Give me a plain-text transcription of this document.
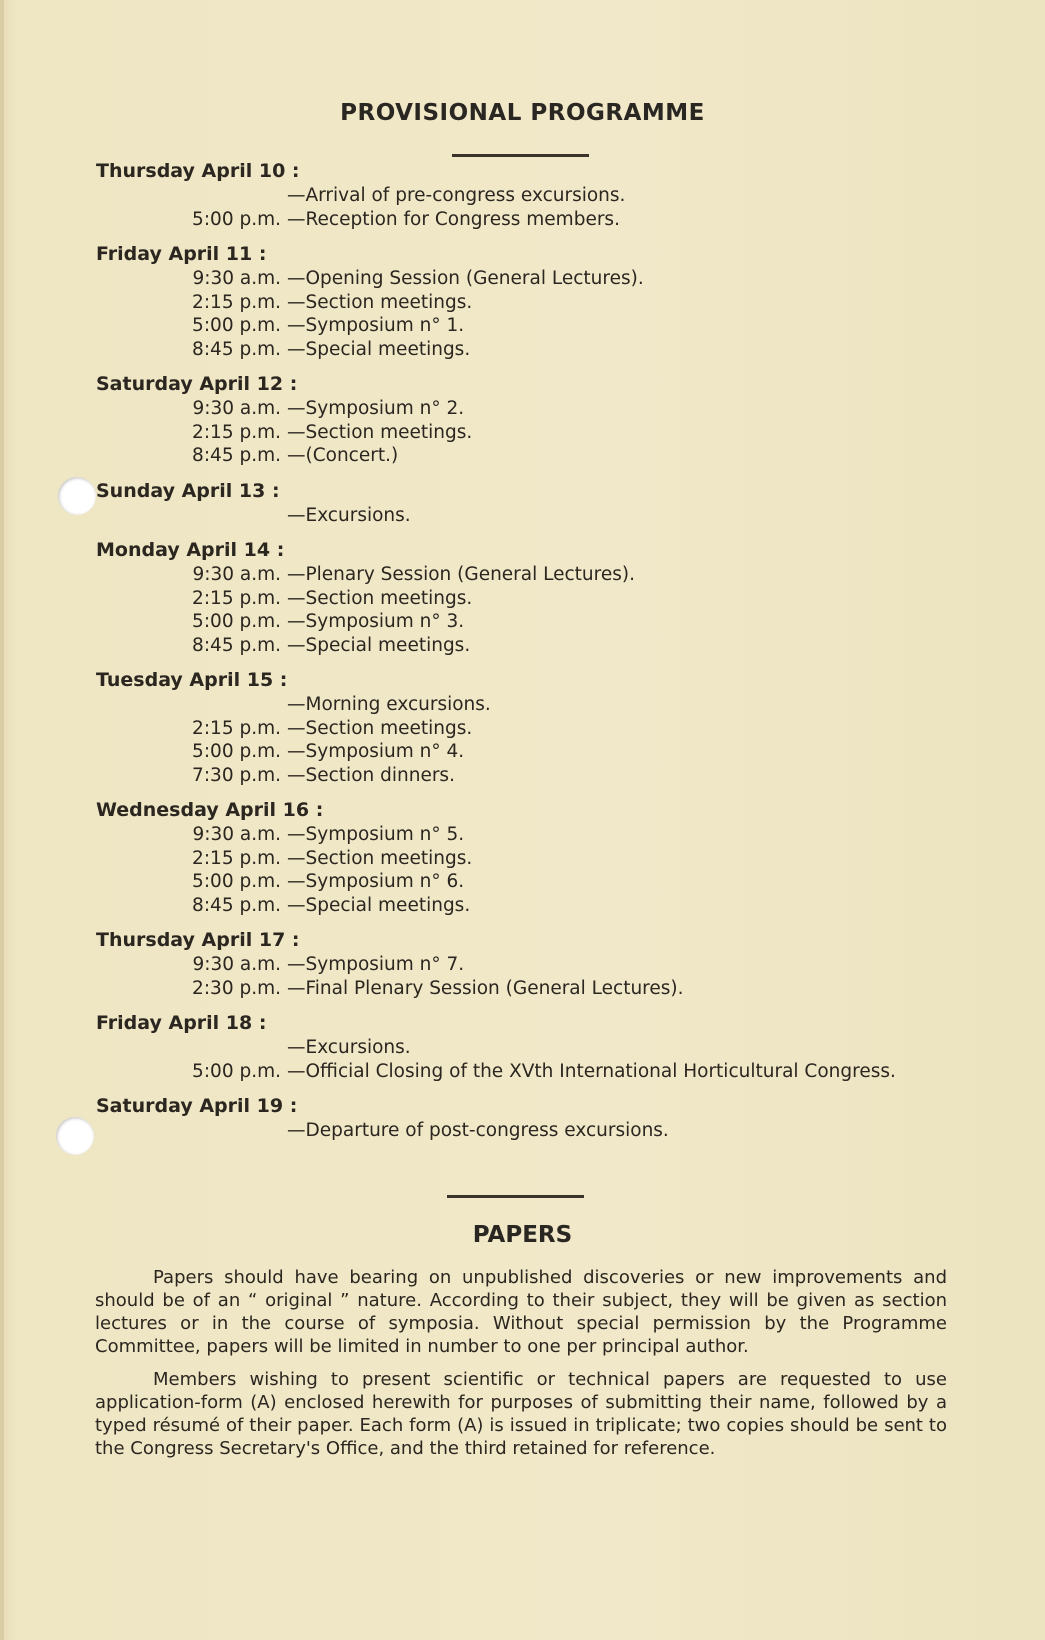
PROVISIONAL PROGRAMME
Thursday April 10 :
—Arrival of pre-congress excursions.
5:00 p.m. —Reception for Congress members.
Friday April 11 :
9:30 a.m. —Opening Session (General Lectures).
2:15 p.m. —Section meetings.
5:00 p.m. —Symposium n° 1.
8:45 p.m. —Special meetings.
Saturday April 12 :
9:30 a.m. —Symposium n° 2.
2:15 p.m. —Section meetings.
8:45 p.m. —(Concert.)
Sunday April 13 :
—Excursions.
Monday April 14 :
9:30 a.m. —Plenary Session (General Lectures).
2:15 p.m. —Section meetings.
5:00 p.m. —Symposium n° 3.
8:45 p.m. —Special meetings.
Tuesday April 15 :
—Morning excursions.
2:15 p.m. —Section meetings.
5:00 p.m. —Symposium n° 4.
7:30 p.m. —Section dinners.
Wednesday April 16 :
9:30 a.m. —Symposium n° 5.
2:15 p.m. —Section meetings.
5:00 p.m. —Symposium n° 6.
8:45 p.m. —Special meetings.
Thursday April 17 :
9:30 a.m. —Symposium n° 7.
2:30 p.m. —Final Plenary Session (General Lectures).
Friday April 18 :
—Excursions.
5:00 p.m. —Official Closing of the XVth International Horticultural Congress.
Saturday April 19 :
—Departure of post-congress excursions.
PAPERS

Papers should have bearing on unpublished discoveries or new improvements and should be of an “ original ” nature. According to their subject, they will be given as section lectures or in the course of symposia. Without special permission by the Programme Committee, papers will be limited in number to one per principal author.

Members wishing to present scientific or technical papers are requested to use application-form (A) enclosed herewith for purposes of submitting their name, followed by a typed résumé of their paper. Each form (A) is issued in triplicate; two copies should be sent to the Congress Secretary's Office, and the third retained for reference.
